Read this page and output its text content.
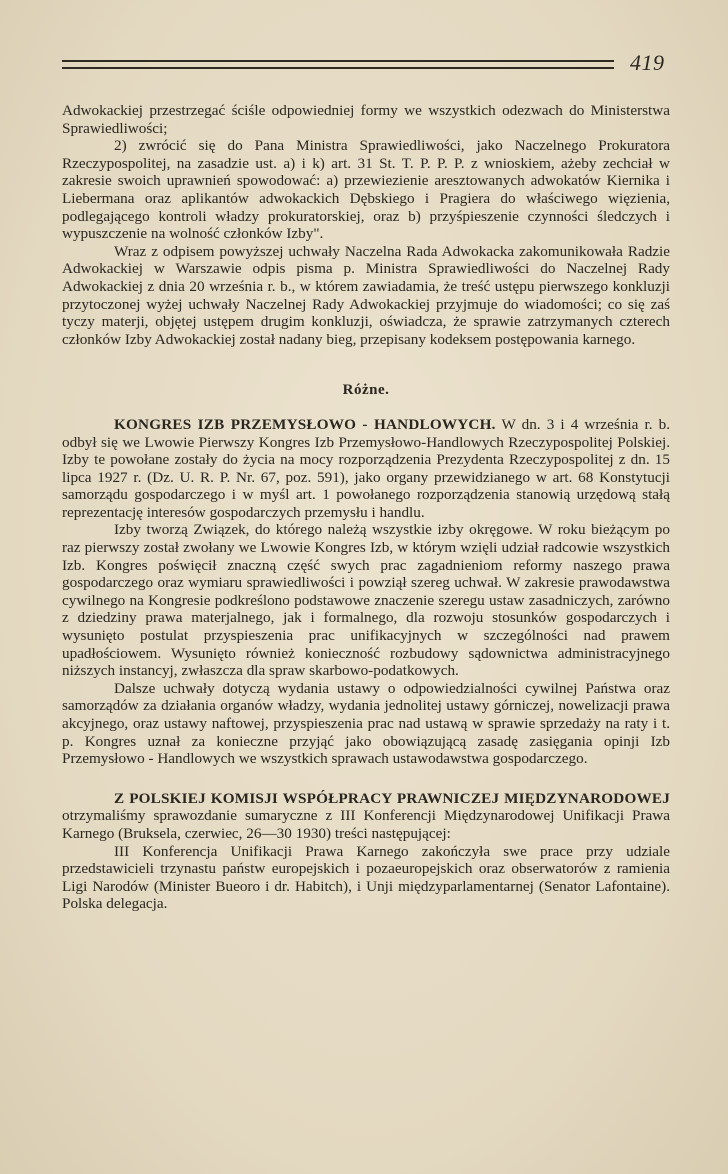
419

Adwokackiej przestrzegać ściśle odpowiedniej formy we wszystkich odezwach do Ministerstwa Sprawiedliwości;

2) zwrócić się do Pana Ministra Sprawiedliwości, jako Naczelnego Prokuratora Rzeczypospolitej, na zasadzie ust. a) i k) art. 31 St. T. P. P. P. z wnioskiem, ażeby zechciał w zakresie swoich uprawnień spowodować: a) przewiezienie aresztowanych adwokatów Kiernika i Liebermana oraz aplikantów adwokackich Dębskiego i Pragiera do właściwego więzienia, podlegającego kontroli władzy prokuratorskiej, oraz b) przyśpieszenie czynności śledczych i wypuszczenie na wolność członków Izby".

Wraz z odpisem powyższej uchwały Naczelna Rada Adwokacka zakomunikowała Radzie Adwokackiej w Warszawie odpis pisma p. Ministra Sprawiedliwości do Naczelnej Rady Adwokackiej z dnia 20 września r. b., w którem zawiadamia, że treść ustępu pierwszego konkluzji przytoczonej wyżej uchwały Naczelnej Rady Adwokackiej przyjmuje do wiadomości; co się zaś tyczy materji, objętej ustępem drugim konkluzji, oświadcza, że sprawie zatrzymanych czterech członków Izby Adwokackiej został nadany bieg, przepisany kodeksem postępowania karnego.

Różne.

KONGRES IZB PRZEMYSŁOWO - HANDLOWYCH. W dn. 3 i 4 września r. b. odbył się we Lwowie Pierwszy Kongres Izb Przemysłowo-Handlowych Rzeczypospolitej Polskiej. Izby te powołane zostały do życia na mocy rozporządzenia Prezydenta Rzeczypospolitej z dn. 15 lipca 1927 r. (Dz. U. R. P. Nr. 67, poz. 591), jako organy przewidzianego w art. 68 Konstytucji samorządu gospodarczego i w myśl art. 1 powołanego rozporządzenia stanowią urzędową stałą reprezentację interesów gospodarczych przemysłu i handlu.

Izby tworzą Związek, do którego należą wszystkie izby okręgowe. W roku bieżącym po raz pierwszy został zwołany we Lwowie Kongres Izb, w którym wzięli udział radcowie wszystkich Izb. Kongres poświęcił znaczną część swych prac zagadnieniom reformy naszego prawa gospodarczego oraz wymiaru sprawiedliwości i powziął szereg uchwał. W zakresie prawodawstwa cywilnego na Kongresie podkreślono podstawowe znaczenie szeregu ustaw zasadniczych, zarówno z dziedziny prawa materjalnego, jak i formalnego, dla rozwoju stosunków gospodarczych i wysunięto postulat przyspieszenia prac unifikacyjnych w szczególności nad prawem upadłościowem. Wysunięto również konieczność rozbudowy sądownictwa administracyjnego niższych instancyj, zwłaszcza dla spraw skarbowo-podatkowych.

Dalsze uchwały dotyczą wydania ustawy o odpowiedzialności cywilnej Państwa oraz samorządów za działania organów władzy, wydania jednolitej ustawy górniczej, nowelizacji prawa akcyjnego, oraz ustawy naftowej, przyspieszenia prac nad ustawą w sprawie sprzedaży na raty i t. p. Kongres uznał za konieczne przyjąć jako obowiązującą zasadę zasięgania opinji Izb Przemysłowo - Handlowych we wszystkich sprawach ustawodawstwa gospodarczego.

Z POLSKIEJ KOMISJI WSPÓŁPRACY PRAWNICZEJ MIĘDZYNARODOWEJ otrzymaliśmy sprawozdanie sumaryczne z III Konferencji Międzynarodowej Unifikacji Prawa Karnego (Bruksela, czerwiec, 26—30 1930) treści następującej:

III Konferencja Unifikacji Prawa Karnego zakończyła swe prace przy udziale przedstawicieli trzynastu państw europejskich i pozaeuropejskich oraz obserwatorów z ramienia Ligi Narodów (Minister Bueoro i dr. Habitch), i Unji międzyparlamentarnej (Senator Lafontaine). Polska delegacja.
